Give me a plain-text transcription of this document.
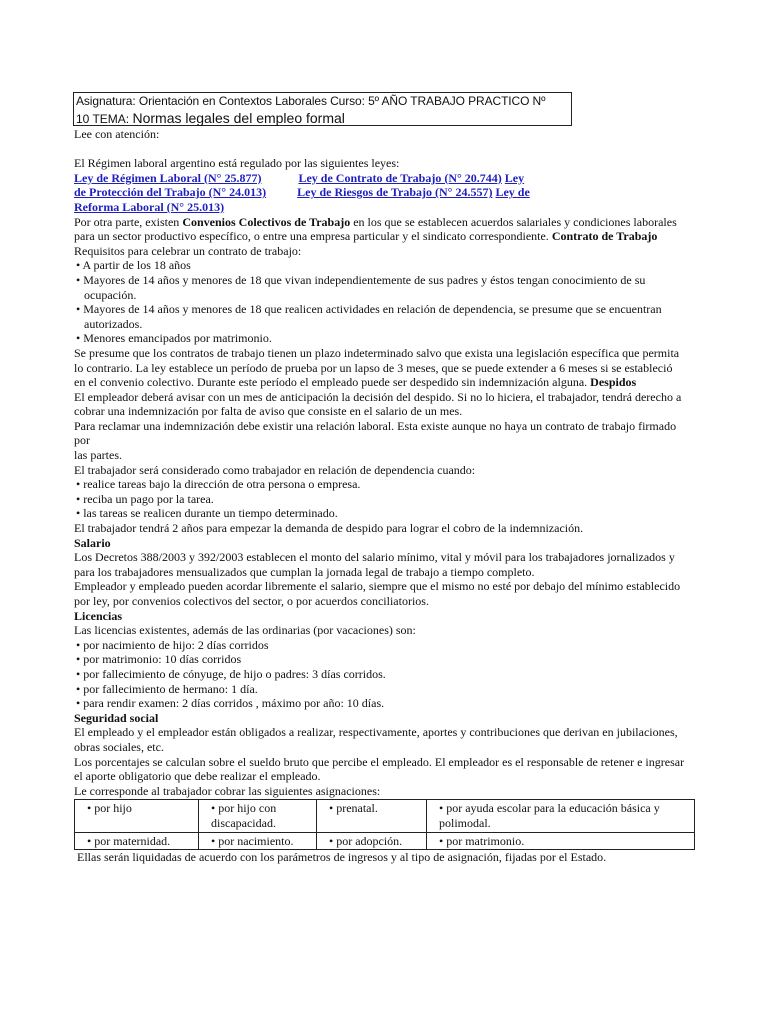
Asignatura: Orientación en Contextos Laborales Curso: 5º AÑO TRABAJO PRACTICO Nº
10 TEMA: Normas legales del empleo formal

Lee con atención:

El Régimen laboral argentino está regulado por las siguientes leyes:

Ley de Régimen Laboral (N° 25.877)	Ley de Contrato de Trabajo (N° 20.744) Ley
de Protección del Trabajo (N° 24.013)	Ley de Riesgos de Trabajo (N° 24.557) Ley de
Reforma Laboral (N° 25.013)

Por otra parte, existen Convenios Colectivos de Trabajo en los que se establecen acuerdos salariales y condiciones laborales
para un sector productivo específico, o entre una empresa particular y el sindicato correspondiente. Contrato de Trabajo

Requisitos para celebrar un contrato de trabajo:

• A partir de los 18 años

• Mayores de 14 años y menores de 18 que vivan independientemente de sus padres y éstos tengan conocimiento de su
ocupación.

• Mayores de 14 años y menores de 18 que realicen actividades en relación de dependencia, se presume que se encuentran
autorizados.

• Menores emancipados por matrimonio.

Se presume que los contratos de trabajo tienen un plazo indeterminado salvo que exista una legislación específica que permita

lo contrario. La ley establece un período de prueba por un lapso de 3 meses, que se puede extender a 6 meses si se estableció

en el convenio colectivo. Durante este período el empleado puede ser despedido sin indemnización alguna. Despidos

El empleador deberá avisar con un mes de anticipación la decisión del despido. Si no lo hiciera, el trabajador, tendrá derecho a

cobrar una indemnización por falta de aviso que consiste en el salario de un mes.

Para reclamar una indemnización debe existir una relación laboral. Esta existe aunque no haya un contrato de trabajo firmado por

las partes.

El trabajador será considerado como trabajador en relación de dependencia cuando:

• realice tareas bajo la dirección de otra persona o empresa.

• reciba un pago por la tarea.

• las tareas se realicen durante un tiempo determinado.

El trabajador tendrá 2 años para empezar la demanda de despido para lograr el cobro de la indemnización.

Salario

Los Decretos 388/2003 y 392/2003 establecen el monto del salario mínimo, vital y móvil para los trabajadores jornalizados y

para los trabajadores mensualizados que cumplan la jornada legal de trabajo a tiempo completo.

Empleador y empleado pueden acordar libremente el salario, siempre que el mismo no esté por debajo del mínimo establecido

por ley, por convenios colectivos del sector, o por acuerdos conciliatorios.

Licencias

Las licencias existentes, además de las ordinarias (por vacaciones) son:

• por nacimiento de hijo: 2 días corridos

• por matrimonio: 10 días corridos

• por fallecimiento de cónyuge, de hijo o padres: 3 días corridos.

• por fallecimiento de hermano: 1 día.

• para rendir examen: 2 días corridos , máximo por año: 10 días.

Seguridad social

El empleado y el empleador están obligados a realizar, respectivamente, aportes y contribuciones que derivan en jubilaciones,

obras sociales, etc.

Los porcentajes se calculan sobre el sueldo bruto que percibe el empleado. El empleador es el responsable de retener e ingresar

el aporte obligatorio que debe realizar el empleado.

Le corresponde al trabajador cobrar las siguientes asignaciones:

• por hijo	• por hijo con discapacidad.	• prenatal.	• por ayuda escolar para la educación básica y polimodal.
• por maternidad.	• por nacimiento.	• por adopción.	• por matrimonio.

Ellas serán liquidadas de acuerdo con los parámetros de ingresos y al tipo de asignación, fijadas por el Estado.
